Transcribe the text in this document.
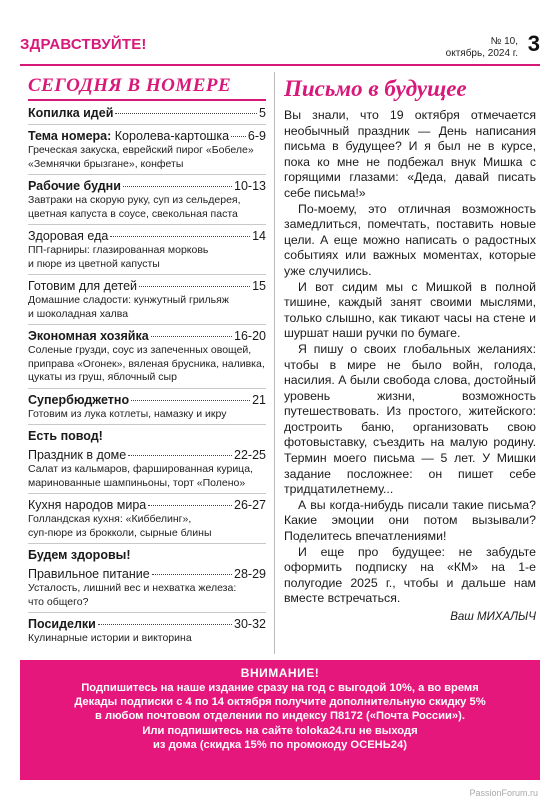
ЗДРАВСТВУЙТЕ!	№ 10,
октябрь, 2024 г. 3
СЕГОДНЯ В НОМЕРЕ
Копилка идей	5
Тема номера: Королева-картошка 6-9
Греческая закуска, еврейский пирог «Бобеле»
«Земнячки брызгане», конфеты
Рабочие будни	10-13
Завтраки на скорую руку, суп из сельдерея,
цветная капуста в соусе, свекольная паста
Здоровая еда	14
ПП-гарниры: глазированная морковь
и пюре из цветной капусты
Готовим для детей	15
Домашние сладости: кунжутный грильяж
и шоколадная халва
Экономная хозяйка	16-20
Соленые грузди, соус из запеченных овощей,
приправа «Огонек», вяленая брусника, наливка,
цукаты из груш, яблочный сыр
Супербюджетно	21
Готовим из лука котлеты, намазку и икру
Есть повод!
Праздник в доме	22-25
Салат из кальмаров, фаршированная курица,
маринованные шампиньоны, торт «Полено»
Кухня народов мира	26-27
Голландская кухня: «Киббелинг»,
суп-пюре из брокколи, сырные блины
Будем здоровы!
Правильное питание	28-29
Усталость, лишний вес и нехватка железа:
что общего?
Посиделки	30-32
Кулинарные истории и викторина
Письмо в будущее

Вы знали, что 19 октября отмечается необычный праздник — День написания письма в будущее? И я был не в курсе, пока ко мне не подбежал внук Мишка с горящими глазами: «Деда, давай писать себе письма!»

По-моему, это отличная возможность замедлиться, помечтать, поставить новые цели. А еще можно написать о радостных событиях или важных моментах, которые уже случились.

И вот сидим мы с Мишкой в полной тишине, каждый занят своими мыслями, только слышно, как тикают часы на стене и шуршат наши ручки по бумаге.

Я пишу о своих глобальных желаниях: чтобы в мире не было войн, голода, насилия. А были свобода слова, достойный уровень жизни, возможность путешествовать. Из простого, житейского: достроить баню, организовать свою фотовыставку, съездить на малую родину. Термин моего письма — 5 лет. У Мишки задание посложнее: он пишет себе тридцатилетнему...

А вы когда-нибудь писали такие письма? Какие эмоции они потом вызывали? Поделитесь впечатлениями!

И еще про будущее: не забудьте оформить подписку на «КМ» на 1-е полугодие 2025 г., чтобы и дальше нам вместе встречаться.

Ваш МИХАЛЫЧ
ВНИМАНИЕ!
Подпишитесь на наше издание сразу на год с выгодой 10%, а во время
Декады подписки с 4 по 14 октября получите дополнительную скидку 5%
в любом почтовом отделении по индексу П8172 («Почта России»).
Или подпишитесь на сайте toloka24.ru не выходя
из дома (скидка 15% по промокоду ОСЕНЬ24)
PassionForum.ru
